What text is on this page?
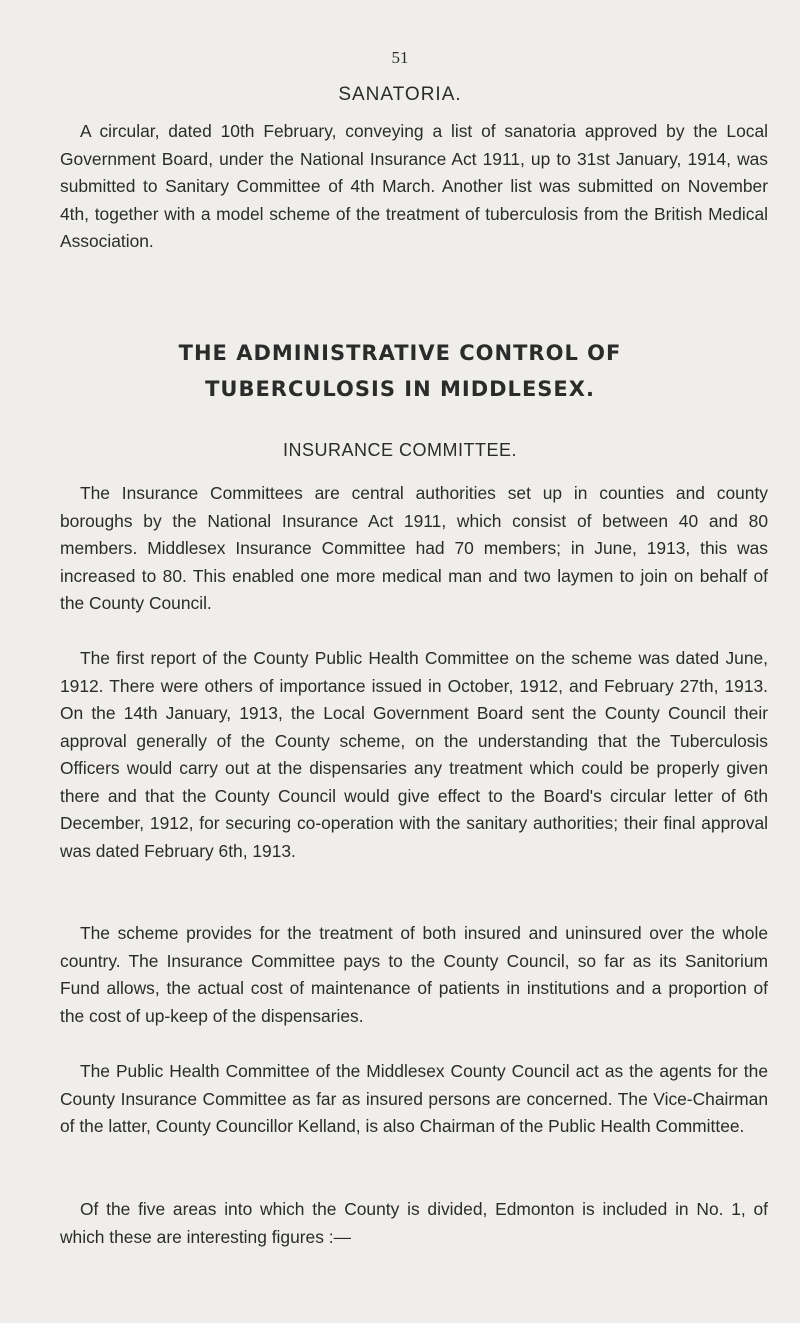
51
SANATORIA.

A circular, dated 10th February, conveying a list of sanatoria approved by the Local Government Board, under the National Insurance Act 1911, up to 31st January, 1914, was submitted to Sanitary Committee of 4th March. Another list was submitted on November 4th, together with a model scheme of the treatment of tuberculosis from the British Medical Association.

THE ADMINISTRATIVE CONTROL OF
TUBERCULOSIS IN MIDDLESEX.
INSURANCE COMMITTEE.

The Insurance Committees are central authorities set up in counties and county boroughs by the National Insurance Act 1911, which consist of between 40 and 80 members. Middlesex Insurance Committee had 70 members; in June, 1913, this was increased to 80. This enabled one more medical man and two laymen to join on behalf of the County Council.

The first report of the County Public Health Committee on the scheme was dated June, 1912. There were others of importance issued in October, 1912, and February 27th, 1913. On the 14th January, 1913, the Local Government Board sent the County Council their approval generally of the County scheme, on the understanding that the Tuberculosis Officers would carry out at the dispensaries any treatment which could be properly given there and that the County Council would give effect to the Board's circular letter of 6th December, 1912, for securing co-operation with the sanitary authorities; their final approval was dated February 6th, 1913.

The scheme provides for the treatment of both insured and uninsured over the whole country. The Insurance Committee pays to the County Council, so far as its Sanitorium Fund allows, the actual cost of maintenance of patients in institutions and a proportion of the cost of up-keep of the dispensaries.

The Public Health Committee of the Middlesex County Council act as the agents for the County Insurance Committee as far as insured persons are concerned. The Vice-Chairman of the latter, County Councillor Kelland, is also Chairman of the Public Health Committee.

Of the five areas into which the County is divided, Edmonton is included in No. 1, of which these are interesting figures :—
